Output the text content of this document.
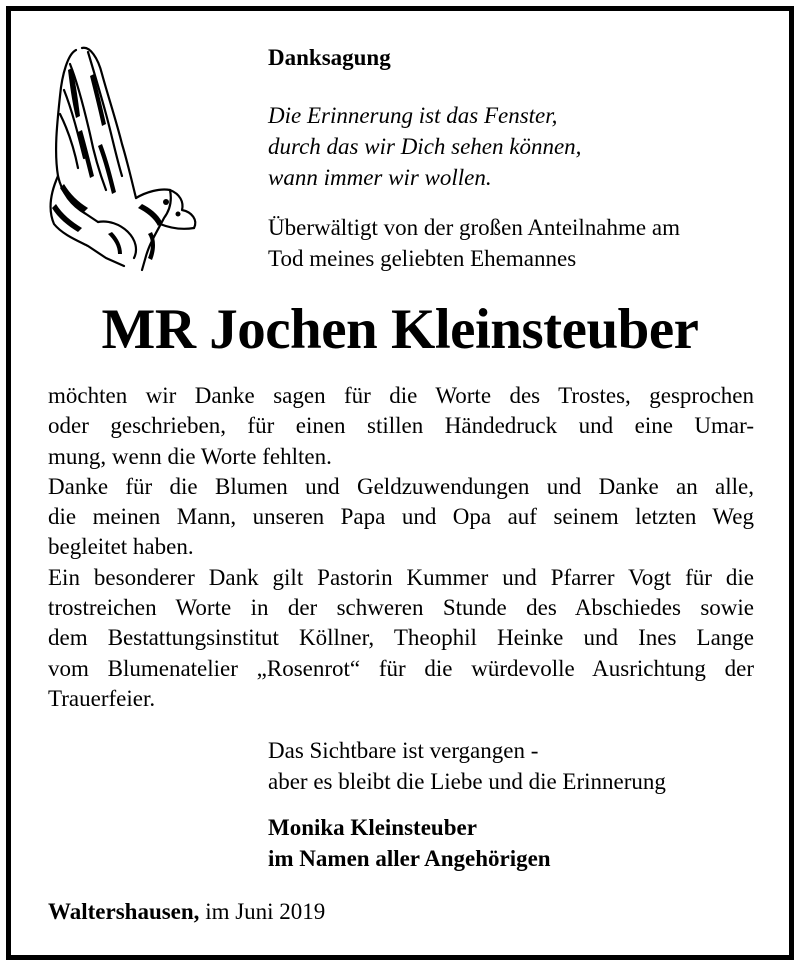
Danksagung
Die Erinnerung ist das Fenster,
durch das wir Dich sehen können,
wann immer wir wollen.
Überwältigt von der großen Anteilnahme am
Tod meines geliebten Ehemannes
MR Jochen Kleinsteuber
möchten wir Danke sagen für die Worte des Trostes, gesprochen
oder geschrieben, für einen stillen Händedruck und eine Umar-
mung, wenn die Worte fehlten.
Danke für die Blumen und Geldzuwendungen und Danke an alle,
die meinen Mann, unseren Papa und Opa auf seinem letzten Weg
begleitet haben.
Ein besonderer Dank gilt Pastorin Kummer und Pfarrer Vogt für die
trostreichen Worte in der schweren Stunde des Abschiedes sowie
dem Bestattungsinstitut Köllner, Theophil Heinke und Ines Lange
vom Blumenatelier „Rosenrot“ für die würdevolle Ausrichtung der
Trauerfeier.
Das Sichtbare ist vergangen -
aber es bleibt die Liebe und die Erinnerung
Monika Kleinsteuber
im Namen aller Angehörigen
Waltershausen, im Juni 2019
